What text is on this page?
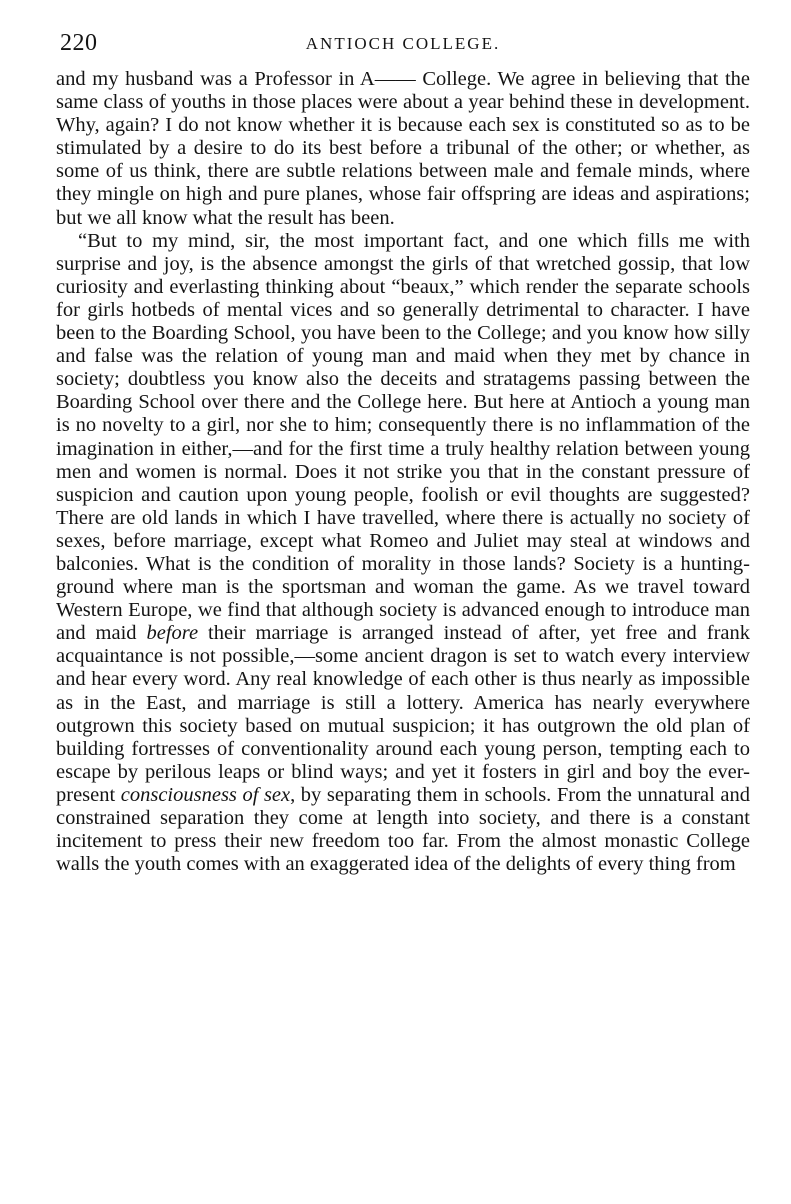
220	ANTIOCH COLLEGE.

and my husband was a Professor in A—— College. We agree in believing that the same class of youths in those places were about a year behind these in development. Why, again? I do not know whether it is because each sex is constituted so as to be stimulated by a desire to do its best before a tribunal of the other; or whether, as some of us think, there are subtle relations between male and female minds, where they mingle on high and pure planes, whose fair offspring are ideas and aspirations; but we all know what the result has been.

“But to my mind, sir, the most important fact, and one which fills me with surprise and joy, is the absence amongst the girls of that wretched gossip, that low curiosity and everlasting thinking about “beaux,” which render the separate schools for girls hotbeds of mental vices and so generally detrimental to character. I have been to the Boarding School, you have been to the College; and you know how silly and false was the relation of young man and maid when they met by chance in society; doubtless you know also the deceits and stratagems passing between the Boarding School over there and the College here. But here at Antioch a young man is no novelty to a girl, nor she to him; consequently there is no inflammation of the imagination in either,—and for the first time a truly healthy relation between young men and women is normal. Does it not strike you that in the constant pressure of suspicion and caution upon young people, foolish or evil thoughts are suggested? There are old lands in which I have travelled, where there is actually no society of sexes, before marriage, except what Romeo and Juliet may steal at windows and balconies. What is the condition of morality in those lands? Society is a hunting-ground where man is the sportsman and woman the game. As we travel toward Western Europe, we find that although society is advanced enough to introduce man and maid before their marriage is arranged instead of after, yet free and frank acquaintance is not possible,—some ancient dragon is set to watch every interview and hear every word. Any real knowledge of each other is thus nearly as impossible as in the East, and marriage is still a lottery. America has nearly everywhere outgrown this society based on mutual suspicion; it has outgrown the old plan of building fortresses of conventionality around each young person, tempting each to escape by perilous leaps or blind ways; and yet it fosters in girl and boy the ever-present consciousness of sex, by separating them in schools. From the unnatural and constrained separation they come at length into society, and there is a constant incitement to press their new freedom too far. From the almost monastic College walls the youth comes with an exaggerated idea of the delights of every thing from
